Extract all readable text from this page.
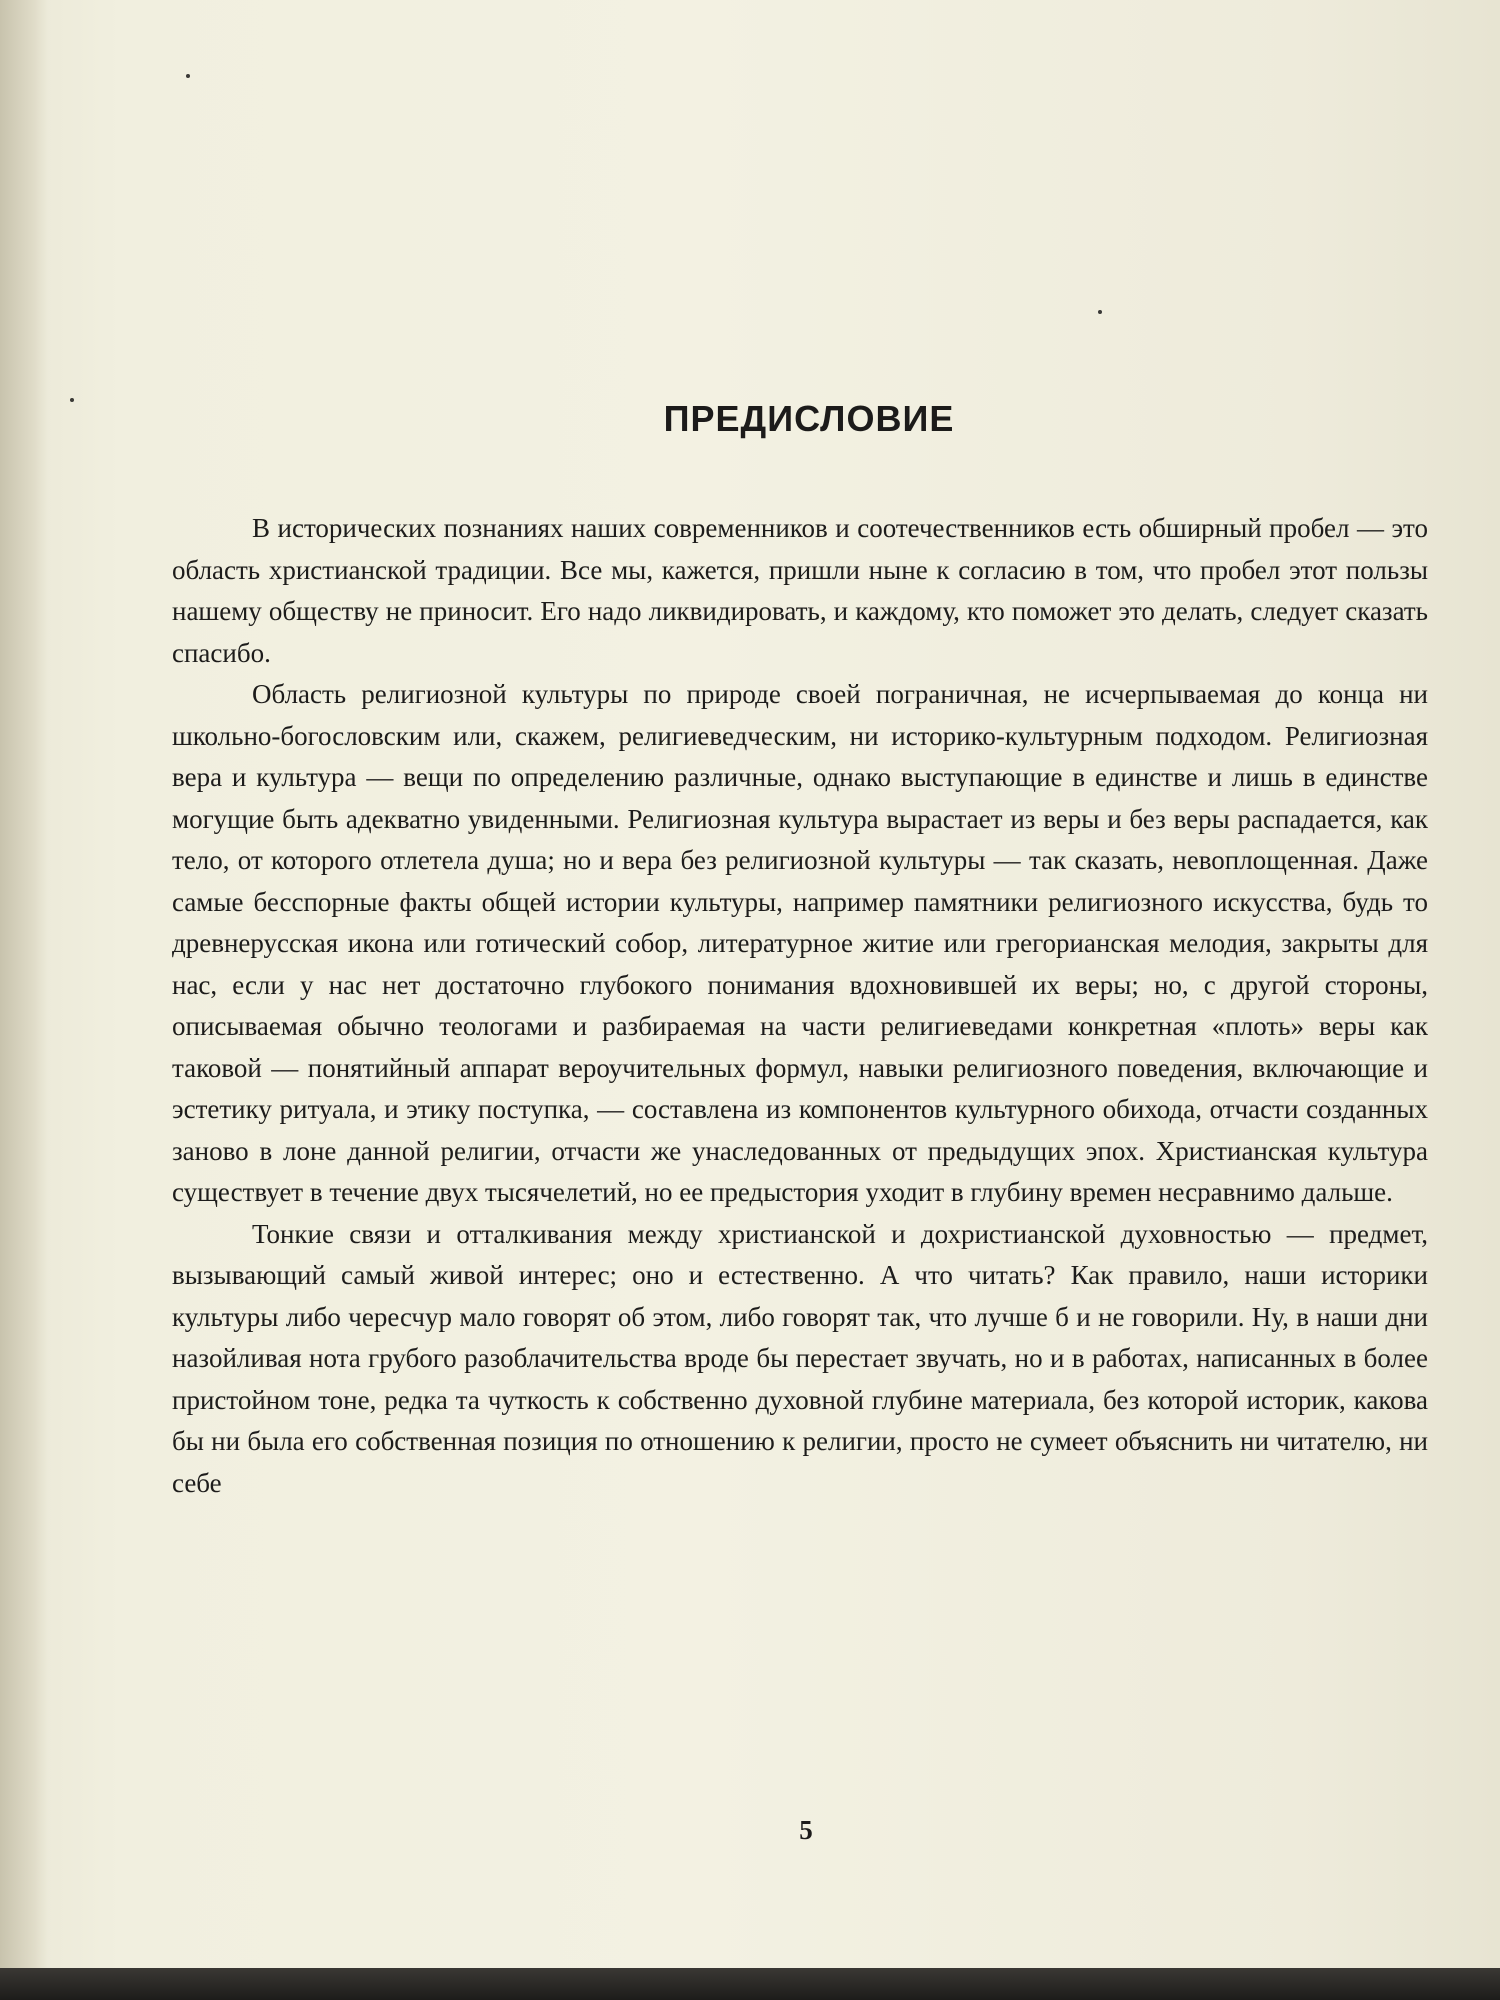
ПРЕДИСЛОВИЕ

В исторических познаниях наших современников и соотечественников есть обширный пробел — это область христианской традиции. Все мы, кажется, пришли ныне к согласию в том, что пробел этот пользы нашему обществу не приносит. Его надо ликвидировать, и каждому, кто поможет это делать, следует сказать спасибо.

Область религиозной культуры по природе своей пограничная, не исчерпываемая до конца ни школьно-богословским или, скажем, религиеведческим, ни историко-культурным подходом. Религиозная вера и культура — вещи по определению различные, однако выступающие в единстве и лишь в единстве могущие быть адекватно увиденными. Религиозная культура вырастает из веры и без веры распадается, как тело, от которого отлетела душа; но и вера без религиозной культуры — так сказать, невоплощенная. Даже самые бесспорные факты общей истории культуры, например памятники религиозного искусства, будь то древнерусская икона или готический собор, литературное житие или грегорианская мелодия, закрыты для нас, если у нас нет достаточно глубокого понимания вдохновившей их веры; но, с другой стороны, описываемая обычно теологами и разбираемая на части религиеведами конкретная «плоть» веры как таковой — понятийный аппарат вероучительных формул, навыки религиозного поведения, включающие и эстетику ритуала, и этику поступка, — составлена из компонентов культурного обихода, отчасти созданных заново в лоне данной религии, отчасти же унаследованных от предыдущих эпох. Христианская культура существует в течение двух тысячелетий, но ее предыстория уходит в глубину времен несравнимо дальше.

Тонкие связи и отталкивания между христианской и дохристианской духовностью — предмет, вызывающий самый живой интерес; оно и естественно. А что читать? Как правило, наши историки культуры либо чересчур мало говорят об этом, либо говорят так, что лучше б и не говорили. Ну, в наши дни назойливая нота грубого разоблачительства вроде бы перестает звучать, но и в работах, написанных в более пристойном тоне, редка та чуткость к собственно духовной глубине материала, без которой историк, какова бы ни была его собственная позиция по отношению к религии, просто не сумеет объяснить ни читателю, ни себе

5
